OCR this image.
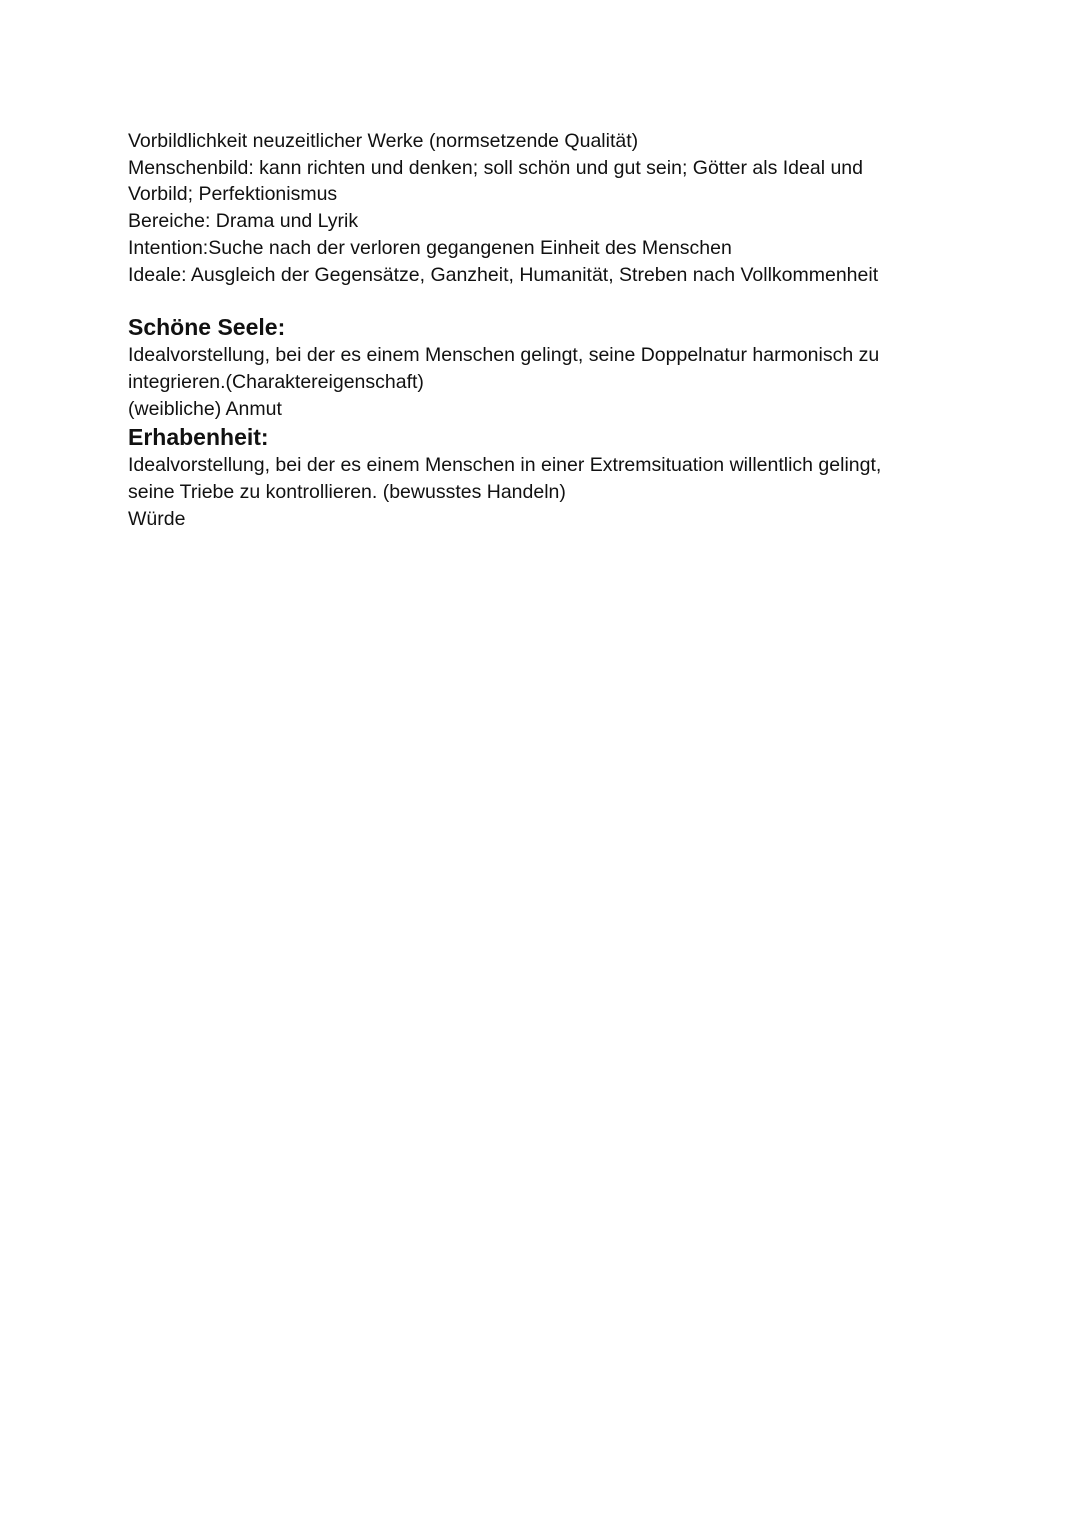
Vorbildlichkeit neuzeitlicher Werke (normsetzende Qualität)

Menschenbild: kann richten und denken; soll schön und gut sein; Götter als Ideal und Vorbild; Perfektionismus

Bereiche: Drama und Lyrik

Intention:Suche nach der verloren gegangenen Einheit des Menschen

Ideale: Ausgleich der Gegensätze, Ganzheit, Humanität, Streben nach Vollkommenheit

Schöne Seele:

Idealvorstellung, bei der es einem Menschen gelingt, seine Doppelnatur harmonisch zu integrieren.(Charaktereigenschaft)

(weibliche) Anmut

Erhabenheit:

Idealvorstellung, bei der es einem Menschen in einer Extremsituation willentlich gelingt, seine Triebe zu kontrollieren. (bewusstes Handeln)

Würde
